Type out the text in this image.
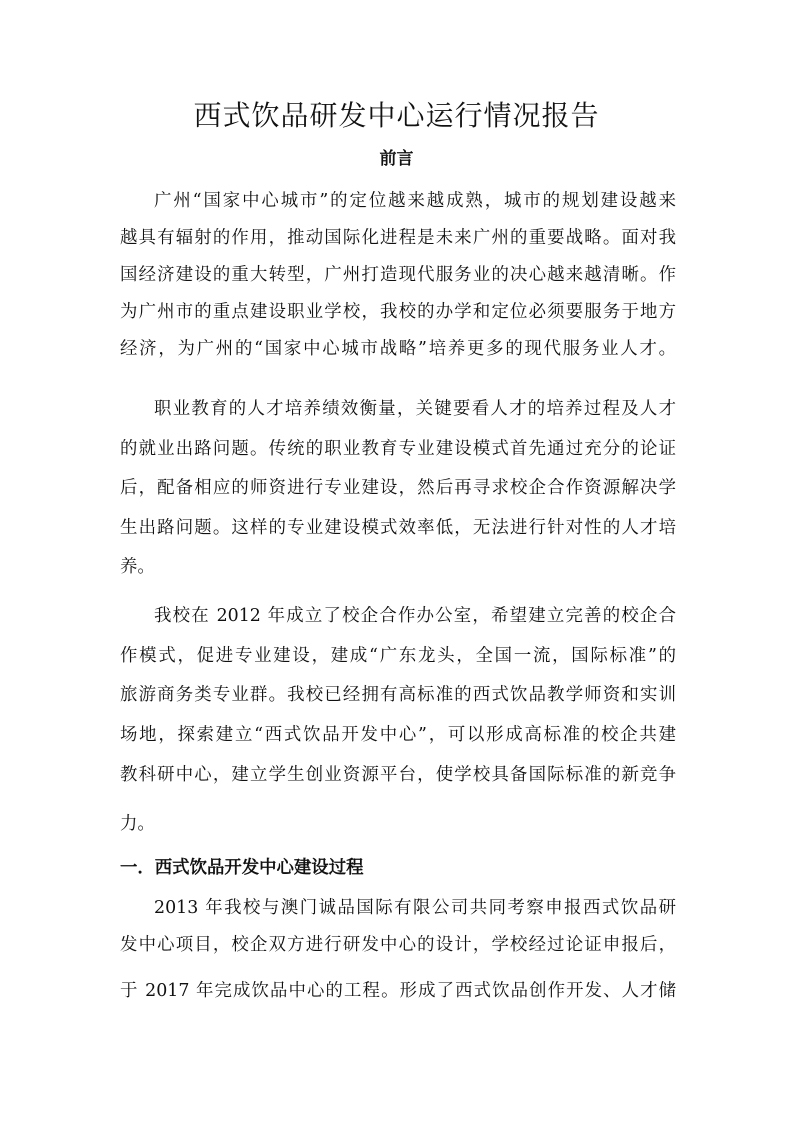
西式饮品研发中心运行情况报告
前言

广州“国家中心城市”的定位越来越成熟，城市的规划建设越来

越具有辐射的作用，推动国际化进程是未来广州的重要战略。面对我

国经济建设的重大转型，广州打造现代服务业的决心越来越清晰。作

为广州市的重点建设职业学校，我校的办学和定位必须要服务于地方

经济，为广州的“国家中心城市战略”培养更多的现代服务业人才。

职业教育的人才培养绩效衡量，关键要看人才的培养过程及人才

的就业出路问题。传统的职业教育专业建设模式首先通过充分的论证

后，配备相应的师资进行专业建设，然后再寻求校企合作资源解决学

生出路问题。这样的专业建设模式效率低，无法进行针对性的人才培

养。

我校在 2012 年成立了校企合作办公室，希望建立完善的校企合

作模式，促进专业建设，建成“广东龙头，全国一流，国际标准”的

旅游商务类专业群。我校已经拥有高标准的西式饮品教学师资和实训

场地，探索建立“西式饮品开发中心”，可以形成高标准的校企共建

教科研中心，建立学生创业资源平台，使学校具备国际标准的新竞争

力。

一．西式饮品开发中心建设过程

2013 年我校与澳门诚品国际有限公司共同考察申报西式饮品研

发中心项目，校企双方进行研发中心的设计，学校经过论证申报后，

于 2017 年完成饮品中心的工程。形成了西式饮品创作开发、人才储
